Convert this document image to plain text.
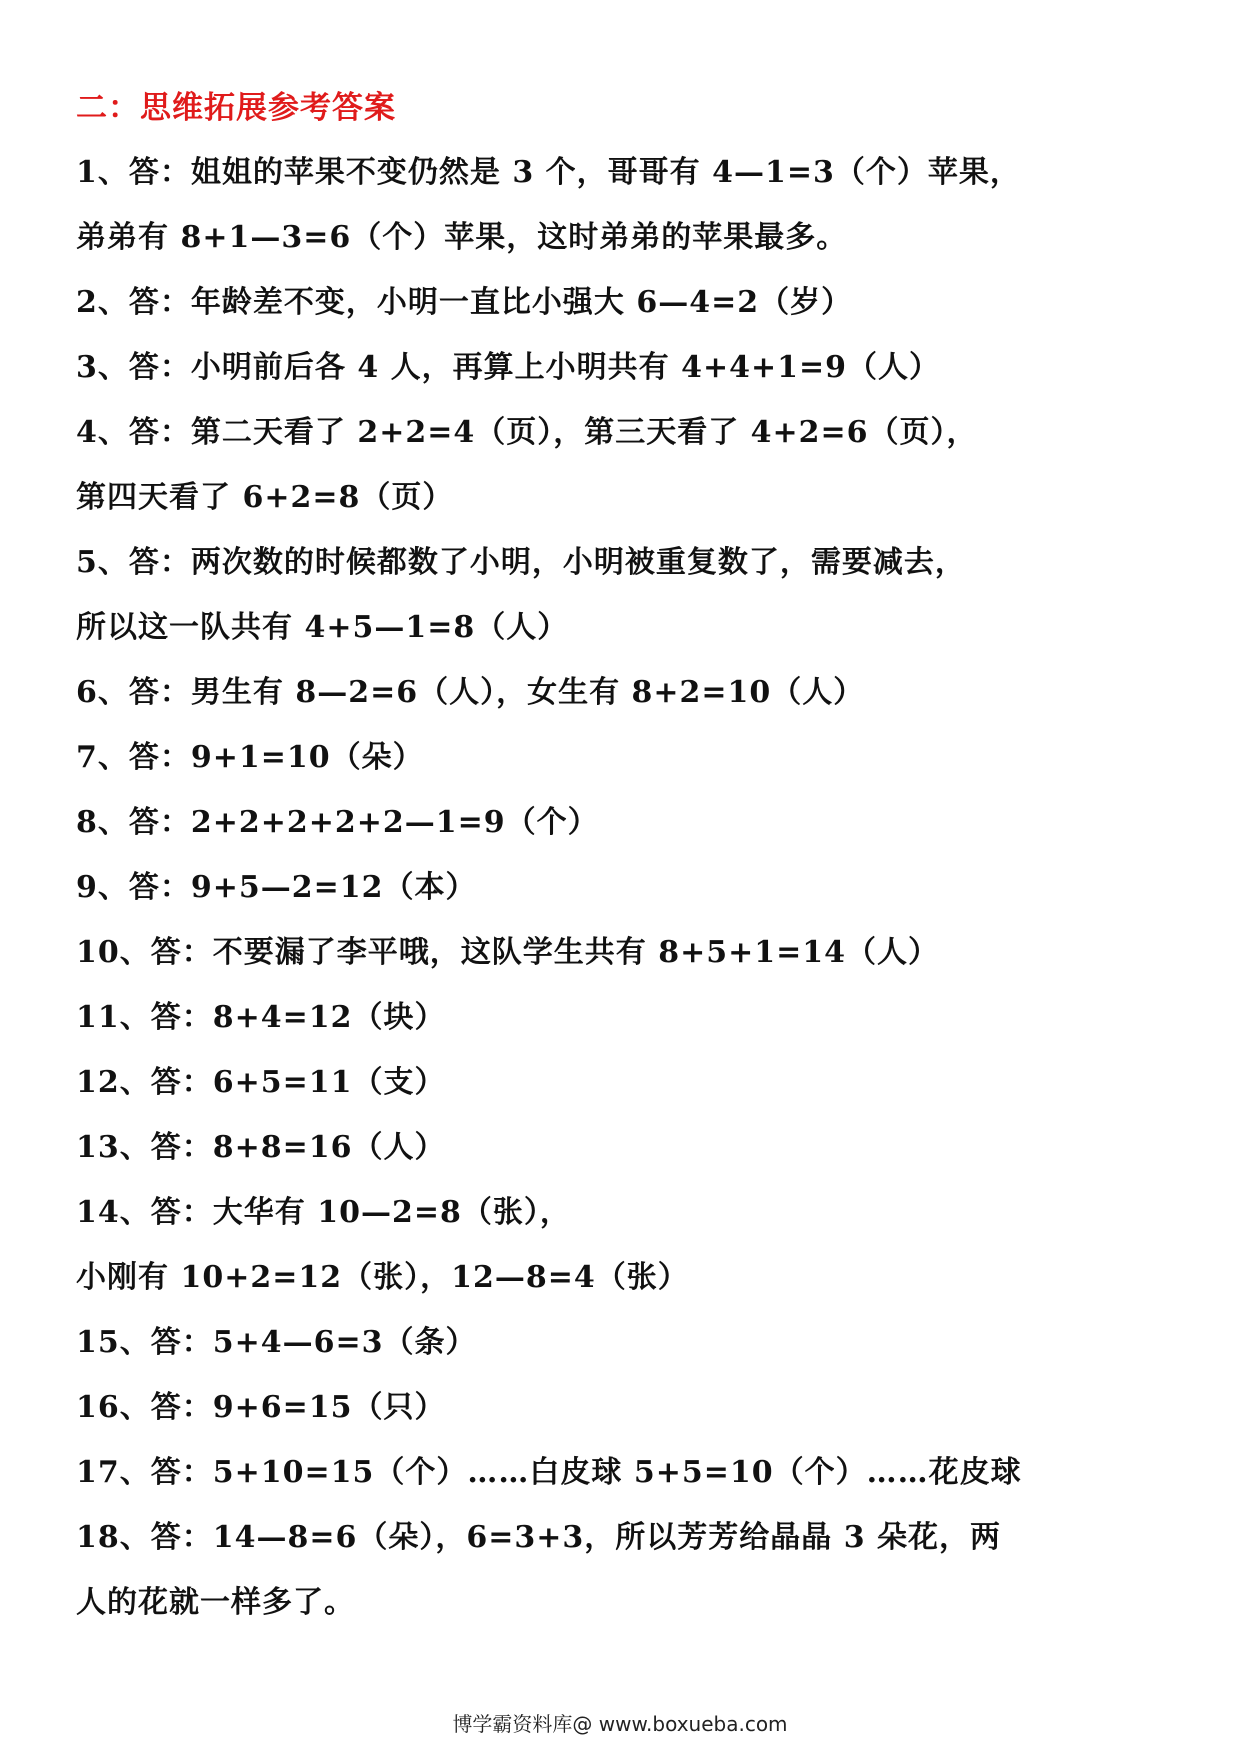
二：思维拓展参考答案
1、答：姐姐的苹果不变仍然是 3 个，哥哥有 4—1=3（个）苹果，
弟弟有 8+1—3=6（个）苹果，这时弟弟的苹果最多。
2、答：年龄差不变，小明一直比小强大 6—4=2（岁）
3、答：小明前后各 4 人，再算上小明共有 4+4+1=9（人）
4、答：第二天看了 2+2=4（页），第三天看了 4+2=6（页），
第四天看了 6+2=8（页）
5、答：两次数的时候都数了小明，小明被重复数了，需要减去，
所以这一队共有 4+5—1=8（人）
6、答：男生有 8—2=6（人），女生有 8+2=10（人）
7、答：9+1=10（朵）
8、答：2+2+2+2+2—1=9（个）
9、答：9+5—2=12（本）
10、答：不要漏了李平哦，这队学生共有 8+5+1=14（人）
11、答：8+4=12（块）
12、答：6+5=11（支）
13、答：8+8=16（人）
14、答：大华有 10—2=8（张），
小刚有 10+2=12（张），12—8=4（张）
15、答：5+4—6=3（条）
16、答：9+6=15（只）
17、答：5+10=15（个）……白皮球 5+5=10（个）……花皮球
18、答：14—8=6（朵），6=3+3，所以芳芳给晶晶 3 朵花，两
人的花就一样多了。
博学霸资料库@ www.boxueba.com
